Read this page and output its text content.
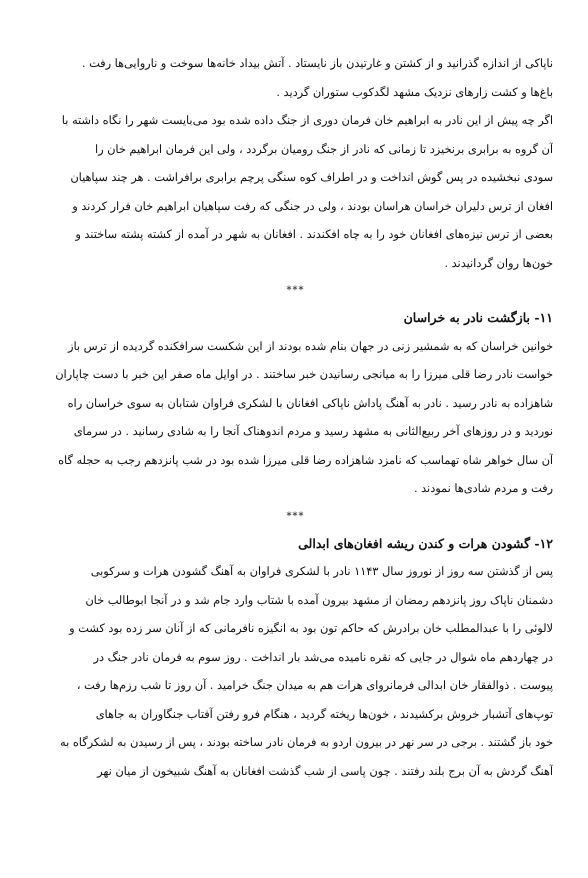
ناپاکی از اندازه گذرانید و از کشتن و غارتیدن باز نایستاد . آتش بیداد خانه‌ها سوخت و ناروایی‌ها رفت .
باغ‌ها و کشت زارهای نزدیک مشهد لگدکوب ستوران گردید .
اگر چه پیش از این نادر به ابراهیم خان فرمان دوری از جنگ داده شده بود می‌بایست شهر را نگاه داشته با
آن گروه به برابری برنخیزد تا زمانی که نادر از جنگ رومیان برگردد ، ولی این فرمان ابراهیم خان را
سودی نبخشیده در پس گوش انداخت و در اطراف کوه سنگی پرچم برابری برافراشت . هر چند سپاهیان
افغان از ترس دلیران خراسان هراسان بودند ، ولی در جنگی که رفت سپاهیان ابراهیم خان فرار کردند و
بعضی از ترس نیزه‌های افغانان خود را به چاه افکندند . افغانان به شهر در آمده از کشته پشته ساختند و
خون‌ها روان گردانیدند .
***
۱۱- بازگشت نادر به خراسان
خوانین خراسان که به شمشیر زنی در جهان بنام شده بودند از این شکست سرافکنده گردیده از ترس باز
خواست نادر رضا قلی میرزا را به میانجی رسانیدن خبر ساختند . در اوایل ماه صفر این خبر با دست چاپاران
شاهزاده به نادر رسید . نادر به آهنگ پاداش ناپاکی افغانان با لشکری فراوان شتابان به سوی خراسان راه
نوردید و در روزهای آخر ربیع‌الثانی به مشهد رسید و مردم اندوهناک آنجا را به شادی رسانید . در سرمای
آن سال خواهر شاه تهماسب که نامزد شاهزاده رضا قلی میرزا شده بود در شب پانزدهم رجب به حجله گاه
رفت و مردم شادی‌ها نمودند .
***
۱۲- گشودن هرات و کندن ریشه افغان‌های ابدالی
پس از گذشتن سه روز از نوروز سال ۱۱۴۳ نادر با لشکری فراوان به آهنگ گشودن هرات و سرکوبی
دشمنان ناپاک روز پانزدهم رمضان از مشهد بیرون آمده با شتاب وارد جام شد و در آنجا ابوطالب خان
لالوئی را با عبدالمطلب خان برادرش که حاکم تون بود به انگیزه نافرمانی که از آنان سر زده بود کشت و
در چهاردهم ماه شوال در جایی که نقره نامیده می‌شد بار انداخت . روز سوم به فرمان نادر جنگ در
پیوست . ذوالفقار خان ابدالی فرمانروای هرات هم به میدان جنگ خرامید . آن روز تا شب رزم‌ها رفت ،
توپ‌های آتشبار خروش برکشیدند ، خون‌ها ریخته گردید ، هنگام فرو رفتن آفتاب جنگاوران به جاهای
خود باز گشتند . برجی در سر نهر در بیرون اردو به فرمان نادر ساخته بودند ، پس از رسیدن به لشکرگاه به
آهنگ گردش به آن برج بلند رفتند . چون پاسی از شب گذشت افغانان به آهنگ شبیخون از میان نهر
